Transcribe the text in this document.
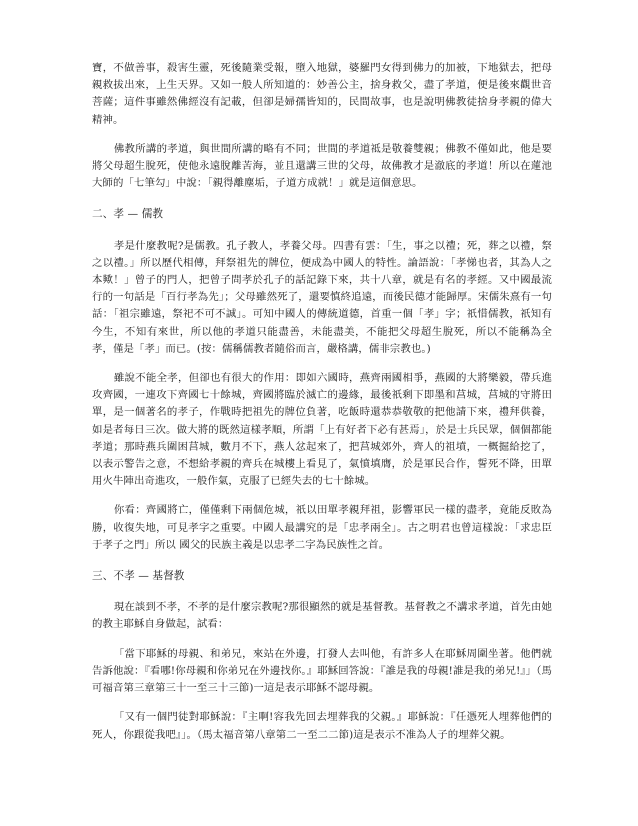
寶，不做善事，殺害生靈，死後隨業受報，墮入地獄，婆羅門女得到佛力的加被，下地獄去，把母親救拔出來，上生天界。又如一般人所知道的：妙善公主，捨身救父，盡了孝道，便是後來觀世音菩薩；這件事雖然佛經沒有記載，但卻是婦孺皆知的，民間故事，也是說明佛教徒捨身孝親的偉大精神。

佛教所講的孝道，與世間所講的略有不同；世間的孝道祗是敬養雙親；佛教不僅如此，他是要將父母超生脫死，使他永遠脫離苦海，並且還講三世的父母，故佛教才是澈底的孝道！所以在蓮池大師的「七筆勾」中說：「親得離塵垢，子道方成就！」就是這個意思。

二、孝 — 儒教

孝是什麼教呢?是儒教。孔子教人，孝養父母。四書有雲：「生，事之以禮；死，葬之以禮，祭之以禮。」所以歷代相傳，拜祭祖先的牌位，便成為中國人的特性。論語說：「孝悌也者，其為人之本歟！」曾子的門人，把曾子問孝於孔子的話記錄下來，共十八章，就是有名的孝經。又中國最流行的一句話是「百行孝為先」；父母雖然死了，還要慎終追遠，而後民德才能歸厚。宋儒朱熹有一句話：「祖宗雖遠，祭祀不可不誠」。可知中國人的傳統道德，首重一個「孝」字；祇惜儒教，祇知有今生，不知有來世，所以他的孝道只能盡善，未能盡美，不能把父母超生脫死，所以不能稱為全孝，僅是「孝」而已。(按：儒稱儒教者隨俗而言，嚴格講，儒非宗教也。)

雖說不能全孝，但卻也有很大的作用：即如六國時，燕齊兩國相爭，燕國的大將樂毅，帶兵進攻齊國，一連攻下齊國七十餘城，齊國將臨於滅亡的邊緣，最後祇剩下即墨和莒城，莒城的守將田單，是一個著名的孝子，作戰時把祖先的牌位負著，吃飯時還恭恭敬敬的把他請下來，禮拜供養，如是者每日三次。做大將的既然這樣孝順，所謂「上有好者下必有甚焉」，於是士兵民眾，個個都能孝道；那時燕兵圍困莒城，數月不下，燕人忿起來了，把莒城郊外，齊人的祖墳，一概掘給挖了，以表示警告之意，不想給孝親的齊兵在城樓上看見了，氣憤填膺，於是軍民合作，誓死不降，田單用火牛陣出奇進攻，一般作氣，克服了已經失去的七十餘城。

你看：齊國將亡，僅僅剩下兩個危城，祇以田單孝親拜祖，影響軍民一樣的盡孝，竟能反敗為勝，收復失地，可見孝字之重要。中國人最講究的是「忠孝兩全」。古之明君也曾這樣說：「求忠臣于孝子之門」所以 國父的民族主義是以忠孝二字為民族性之首。

三、不孝 — 基督教

現在談到不孝，不孝的是什麼宗教呢?那很顯然的就是基督教。基督教之不講求孝道，首先由她的教主耶穌自身做起，試看：

「當下耶穌的母親、和弟兄，來站在外邊，打發人去叫他，有許多人在耶穌周圍坐著。他們就告訴他說：『看哪!你母親和你弟兄在外邊找你。』耶穌回答說：『誰是我的母親!誰是我的弟兄!』」（馬可福音第三章第三十一至三十三節)一這是表示耶穌不認母親。

「又有一個門徒對耶穌說：『主啊!容我先回去埋葬我的父親。』耶穌說：『任憑死人埋葬他們的死人，你跟從我吧』」。（馬太福音第八章第二一至二二節)這是表示不准為人子的埋葬父親。
